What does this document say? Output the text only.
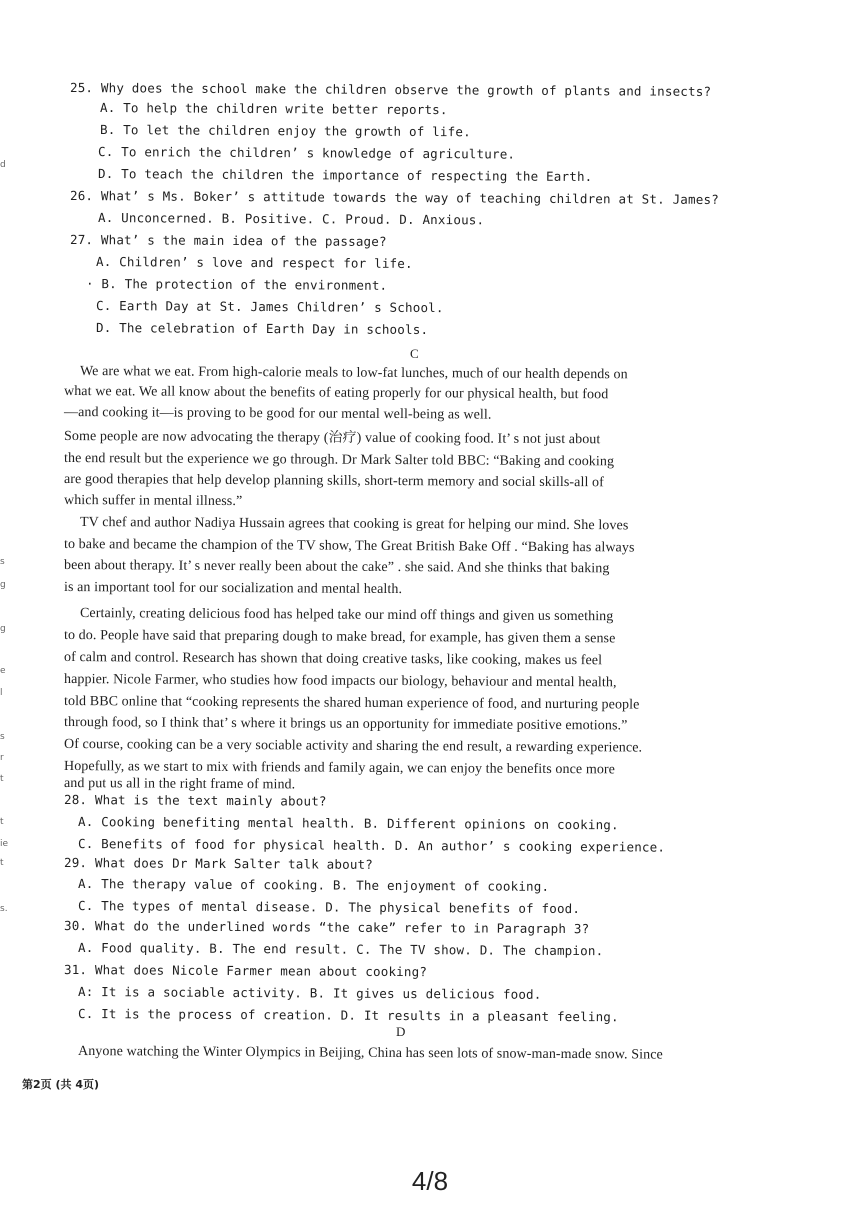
25. Why does the school make the children observe the growth of plants and insects?
A. To help the children write better reports.
B. To let the children enjoy the growth of life.
C. To enrich the children’ s knowledge of agriculture.
D. To teach the children the importance of respecting the Earth.
26. What’ s Ms. Boker’ s attitude towards the way of teaching children at St. James?
A. Unconcerned. B. Positive. C. Proud. D. Anxious.
27. What’ s the main idea of the passage?
A. Children’ s love and respect for life.
· B. The protection of the environment.
C. Earth Day at St. James Children’ s School.
D. The celebration of Earth Day in schools.
C
We are what we eat. From high-calorie meals to low-fat lunches, much of our health depends on
what we eat. We all know about the benefits of eating properly for our physical health, but food
—and cooking it—is proving to be good for our mental well-being as well.
Some people are now advocating the therapy (治疗) value of cooking food. It’ s not just about
the end result but the experience we go through. Dr Mark Salter told BBC: “Baking and cooking
are good therapies that help develop planning skills, short-term memory and social skills-all of
which suffer in mental illness.”
TV chef and author Nadiya Hussain agrees that cooking is great for helping our mind. She loves
to bake and became the champion of the TV show, The Great British Bake Off . “Baking has always
been about therapy. It’ s never really been about the cake” . she said. And she thinks that baking
is an important tool for our socialization and mental health.
Certainly, creating delicious food has helped take our mind off things and given us something
to do. People have said that preparing dough to make bread, for example, has given them a sense
of calm and control. Research has shown that doing creative tasks, like cooking, makes us feel
happier. Nicole Farmer, who studies how food impacts our biology, behaviour and mental health,
told BBC online that “cooking represents the shared human experience of food, and nurturing people
through food, so I think that’ s where it brings us an opportunity for immediate positive emotions.”
Of course, cooking can be a very sociable activity and sharing the end result, a rewarding experience.
Hopefully, as we start to mix with friends and family again, we can enjoy the benefits once more
and put us all in the right frame of mind.
28. What is the text mainly about?
A. Cooking benefiting mental health. B. Different opinions on cooking.
C. Benefits of food for physical health. D. An author’ s cooking experience.
29. What does Dr Mark Salter talk about?
A. The therapy value of cooking. B. The enjoyment of cooking.
C. The types of mental disease. D. The physical benefits of food.
30. What do the underlined words “the cake” refer to in Paragraph 3?
A. Food quality. B. The end result. C. The TV show. D. The champion.
31. What does Nicole Farmer mean about cooking?
A: It is a sociable activity. B. It gives us delicious food.
C. It is the process of creation. D. It results in a pleasant feeling.
D
Anyone watching the Winter Olympics in Beijing, China has seen lots of snow-man-made snow. Since
d
s
g
g
e
l
s
r
t
t
ie
t
s.
第2页 (共 4页)
4/8
